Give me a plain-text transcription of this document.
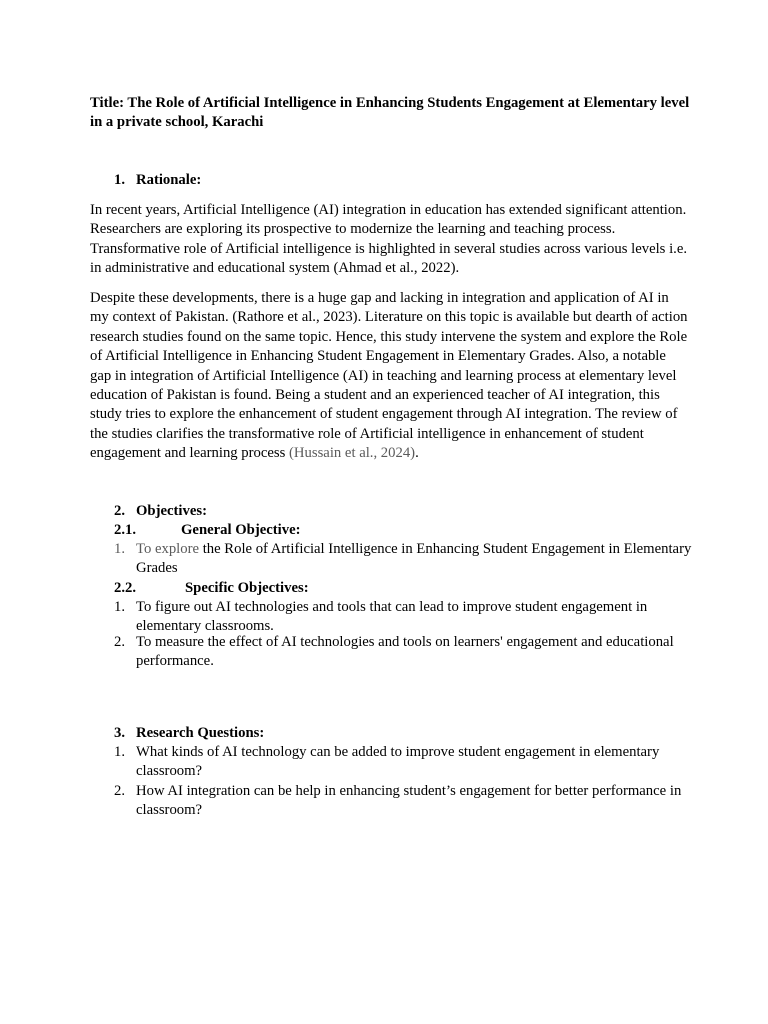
Title: The Role of Artificial Intelligence in Enhancing Students Engagement at Elementary level in a private school, Karachi

1. Rationale:

In recent years, Artificial Intelligence (AI) integration in education has extended significant attention. Researchers are exploring its prospective to modernize the learning and teaching process. Transformative role of Artificial intelligence is highlighted in several studies across various levels i.e. in administrative and educational system (Ahmad et al., 2022).

Despite these developments, there is a huge gap and lacking in integration and application of AI in my context of Pakistan. (Rathore et al., 2023). Literature on this topic is available but dearth of action research studies found on the same topic. Hence, this study intervene the system and explore the Role of Artificial Intelligence in Enhancing Student Engagement in Elementary Grades. Also, a notable gap in integration of Artificial Intelligence (AI) in teaching and learning process at elementary level education of Pakistan is found. Being a student and an experienced teacher of AI integration, this study tries to explore the enhancement of student engagement through AI integration. The review of the studies clarifies the transformative role of Artificial intelligence in enhancement of student engagement and learning process (Hussain et al., 2024).

2. Objectives:

2.1.	General Objective:

1. To explore the Role of Artificial Intelligence in Enhancing Student Engagement in Elementary Grades

2.2.	Specific Objectives:

1. To figure out AI technologies and tools that can lead to improve student engagement in elementary classrooms.
2. To measure the effect of AI technologies and tools on learners' engagement and educational performance.

3. Research Questions:

1. What kinds of AI technology can be added to improve student engagement in elementary classroom?
2. How AI integration can be help in enhancing student’s engagement for better performance in classroom?
